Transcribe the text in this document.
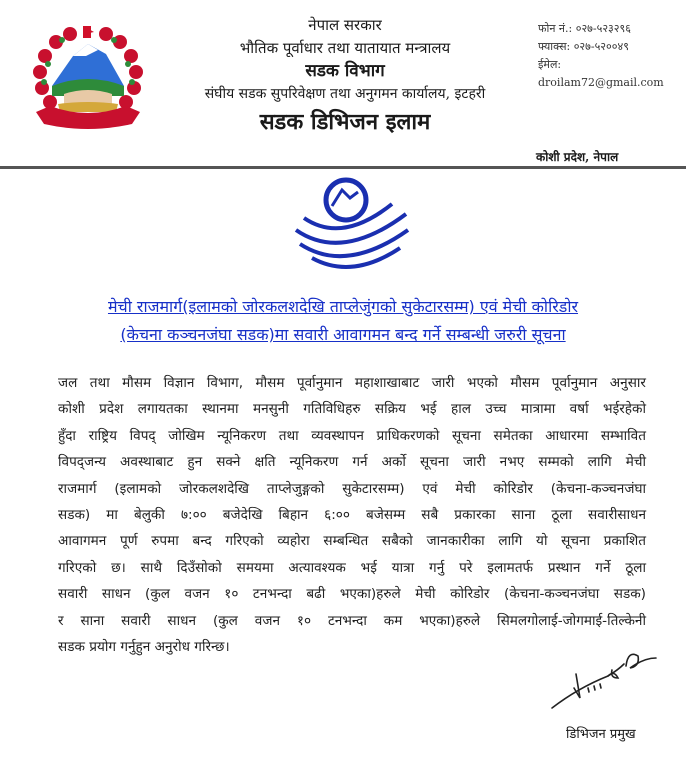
नेपाल सरकार
भौतिक पूर्वाधार तथा यातायात मन्त्रालय
सडक विभाग
संघीय सडक सुपरिवेक्षण तथा अनुगमन कार्यालय, इटहरी
सडक डिभिजन इलाम
फोन नं.: ०२७-५२३२९६
फ्याक्स: ०२७-५२००४९
ईमेल: droilam72@gmail.com
कोशी प्रदेश, नेपाल
मेची राजमार्ग(इलामको जोरकलशदेखि ताप्लेजुंगको सुकेटारसम्म) एवं मेची कोरिडोर
(केचना कञ्चनजंघा सडक)मा सवारी आवागमन बन्द गर्ने सम्बन्धी जरुरी सूचना
जल तथा मौसम विज्ञान विभाग, मौसम पूर्वानुमान महाशाखाबाट जारी भएको मौसम पूर्वानुमान अनुसार
कोशी प्रदेश लगायतका स्थानमा मनसुनी गतिविधिहरु सक्रिय भई हाल उच्च मात्रामा वर्षा भईरहेको
हुँदा राष्ट्रिय विपद् जोखिम न्यूनिकरण तथा व्यवस्थापन प्राधिकरणको सूचना समेतका आधारमा सम्भावित
विपद्जन्य अवस्थाबाट हुन सक्ने क्षति न्यूनिकरण गर्न अर्को सूचना जारी नभए सम्मको लागि मेची
राजमार्ग (इलामको जोरकलशदेखि ताप्लेजुङ्गको सुकेटारसम्म) एवं मेची कोरिडोर (केचना-कञ्चनजंघा
सडक) मा बेलुकी ७:०० बजेदेखि बिहान ६:०० बजेसम्म सबै प्रकारका साना ठूला सवारीसाधन
आवागमन पूर्ण रुपमा बन्द गरिएको व्यहोरा सम्बन्धित सबैको जानकारीका लागि यो सूचना प्रकाशित
गरिएको छ। साथै दिउँसोको समयमा अत्यावश्यक भई यात्रा गर्नु परे इलामतर्फ प्रस्थान गर्ने ठूला
सवारी साधन (कुल वजन १० टनभन्दा बढी भएका)हरुले मेची कोरिडोर (केचना-कञ्चनजंघा सडक)
र साना सवारी साधन (कुल वजन १० टनभन्दा कम भएका)हरुले सिमलगोलाई-जोगमाई-तिल्केनी
सडक प्रयोग गर्नुहुन अनुरोध गरिन्छ।
डिभिजन प्रमुख
